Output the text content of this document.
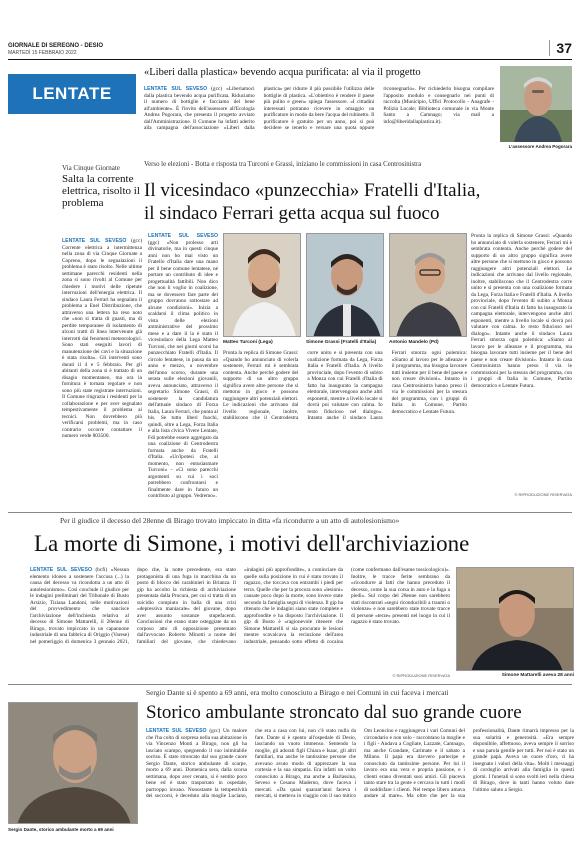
GIORNALE DI SEREGNO - DESIO
MARTEDÌ 15 FEBBRAIO 2022	37
LENTATE
«Liberi dalla plastica» bevendo acqua purificata: al via il progetto
LENTATE SUL SEVESO (gcc) «Liberiamoci dalla plastica bevendo acqua purificata. Riduciamo il numero di bottiglie e facciamo del bene all'ambiente». È l'invito dell'assessore all'Ecologia Andrea Pogorara, che presenta il progetto avviato dall'Amministrazione. Il Comune ha infatti aderito alla campagna dell'associazione «Liberi dalla plastica» per ridurre il più possibile l'utilizzo delle bottiglie di plastica. «L'obiettivo è rendere il paese più pulito e green» spiega l'assessore. «I cittadini interessati potranno ricevere in omaggio un purificatore in modo da bere l'acqua del rubinetto. Il purificatore è gratuito per un anno, poi si può decidere se tenerlo e versare una quota oppure riconsegnarlo». Per richiederlo bisogna compilare l'apposito modulo e consegnarlo nei punti di raccolta (Municipio, Uffici Protocollo - Anagrafe - Polizia Locale; Biblioteca comunale in via Monte Santo a Camnago; via mail a info@liberidallaplastica.it).
L'assessore Andrea Pogorara
Via Cinque Giornate
Salta la corrente elettrica, risolto il problema
LENTATE SUL SEVESO (gcc) Corrente elettrica a intermittenza nella zona di via Cinque Giornate a Copreno, dopo le segnalazioni il problema è stato risolto. Nelle ultime settimane parecchi residenti nella zona si sono rivolti al Comune per chiedere i motivi delle ripetute interruzioni dell'energia elettrica. Il sindaco Laura Ferrari ha segnalato il problema a Enel Distribuzione, che attraverso una lettera ha reso noto che «non si tratta di guasti, ma di perdite temporanee di isolamento di alcuni tratti di linea intervenute già interrotti dai fenomeni meteorologici. Sono stati eseguiti lavori di manutenzione dei cavi e la situazione è stata risolta». Gli interventi sono durati il 4 e 5 febbraio. Per gli abitanti della zona si è trattato di un disagio momentaneo, ma ora la fornitura è tornata regolare e non sono più state registrate interruzioni. Il Comune ringrazia i residenti per la collaborazione e per aver segnalato tempestivamente il problema ai tecnici. Non dovrebbero più verificarsi problemi, ma in caso contrario occorre contattare il numero verde 803500.
Verso le elezioni - Botta e risposta tra Turconi e Grassi, iniziano le commissioni in casa Centrosinistra
Il vicesindaco «punzecchia» Fratelli d'Italia,
il sindaco Ferrari getta acqua sul fuoco
LENTATE SUL SEVESO (ggc) «Non prolesso arti divinatorie, ma in questi cinque anni non ho mai visto un Fratello d'Italia dare una mano per il bene comune lentatese, né portare un contributo di idee e progettualità fattibili. Non dico che non li voglio in coalizione, ma se dovessero fare parte del gruppo dovranno sottostare ad alcune condizioni». Inizia a scaldarsi il clima politico in vista delle elezioni amministrative del prossimo mese e a dare il la è stato il vicesindaco della Lega Matteo Turconi, che nei giorni scorsi ha punzecchiato Fratelli d'Italia. Il circolo lentatese, in pausa da un anno e mezzo, a novembre dell'anno scorso, durante una serata sulle elezioni giovanili, aveva annunciato, attraverso il segretario Simone Grassi, di sostenere la candidatura dell'attuale sindaco di Forza Italia, Laura Ferrari, che punta al bis. Se tutto liberi fuochi, quindi, oltre a Lega, Forza Italia e alla lista civica Vivere Lentate, Fdi potrebbe essere aggregato da una coalizione di Centrodestra formata anche da Fratelli d'Italia. «Un'ipotesi che, al momento, non entusiasmare Turconi» - «Ci sono parecchi argomenti su cui i soci potrebbero confrontarsi e finalmente dare in futuro un contributo al gruppo. Vedremo».
Matteo Turconi (Lega)	Simone Grassi (Fratelli d'Italia)	Antonio Mandelo (Pd)
Pronta la replica di Simone Grassi: «Quando ho annunciato di volerla sostenere, Ferrari mi è sembrata contenta. Anche perché godere del supporto di un altro gruppo significa avere altre persone che si mettono in gioco e possono raggiungere altri potenziali elettori. Le indicazioni che arrivano dal livello regionale, inoltre, stabiliscono che il Centrodestra corre unito e si presenta con una coalizione formata da Lega, Forza Italia e Fratelli d'Italia. A livello provinciale, dopo l'evento di subito a Monza con cui Fratelli d'Italia di fatto ha inaugurato la campagna elettorale, intervengono anche altri esponenti, mentre a livello locale si dovrà poi valutare con calma. Io resto fiducioso nel dialogo». Intanto anche il sindaco Laura Ferrari smorza ogni polemica: «Siamo al lavoro per le alleanze e il programma, ma bisogna lavorare tutti insieme per il bene del paese e non creare divisioni». Intanto in casa Centrosinistra hanno preso il via le commissioni per la stesura del programma, con i gruppi di Italia in Comune, Partito democratico e Lentate Futura.
Pronta la replica di Simone Grassi: «Quando ho annunciato di volerla sostenere, Ferrari mi è sembrata contenta. Anche perché godere del supporto di un altro gruppo significa avere altre persone che si mettono in gioco e possono raggiungere altri potenziali elettori. Le indicazioni che arrivano dal livello regionale, inoltre, stabiliscono che il Centrodestra corre unito e si presenta con una coalizione formata da Lega, Forza Italia e Fratelli d'Italia. A livello provinciale, dopo l'evento di subito a Monza con cui Fratelli d'Italia di fatto ha inaugurato la campagna elettorale, intervengono anche altri esponenti, mentre a livello locale si dovrà poi valutare con calma. Io resto fiducioso nel dialogo». Intanto anche il sindaco Laura Ferrari smorza ogni polemica: «Siamo al lavoro per le alleanze e il programma, ma bisogna lavorare tutti insieme per il bene del paese e non creare divisioni». Intanto in casa Centrosinistra hanno preso il via le commissioni per la stesura del programma, con i gruppi di Italia in Comune, Partito democratico e Lentate Futura.
© RIPRODUZIONE RISERVATA
Per il giudice il decesso del 28enne di Birago trovato impiccato in ditta «fa ricondurre a un atto di autolesionismo»
La morte di Simone, i motivi dell'archiviazione
LENTATE SUL SEVESO (bcfi) «Nessun elemento idoneo a sostenere l'accusa (...) la causa del decesso va ricondotta a un atto di autolesionismo». Così conclude il giudice per le indagini preliminari del Tribunale di Busto Arsizio, Tiziana Landoni, nelle motivazioni del provvedimento che sancisce l'archiviazione dell'inchiesta relativa al decesso di Simone Mattarelli, il 28enne di Birago, trovato impiccato in un capannone industriale di una fabbrica di Origgio (Varese) nel pomeriggio di domenica 3 gennaio 2021, dopo che, la notte precedente, era stato protagonista di una fuga in macchina da un posto di blocco dei carabinieri in Brianza. Il gip ha accolto la richiesta di archiviazione presentata dalla Procura, per cui si tratta di un suicidio compiuto in balìa di una crisi «depressiva maniacale» del giovane, dopo aver assunto sostanze stupefacenti. Conclusioni che erano state osteggiate da un corposo atto di opposizione presentato dall'avvocato Roberto Minotti a nome dei familiari del giovane, che chiedevano «indagini più approfondite», a cominciare da quelle sulla posizione in cui è stato trovato il ragazzo, che toccava con entrambi i piedi per terra. Quelle che per la procura sono «lesioni» causate poco dopo la morte, sono invece state secondo la famiglia segni di violenza. Il gip ha ritenuto che le indagini siano state complete e approfondite e ha disposto l'archiviazione. Il gip di Busto è «ragionevole ritenere che Simone Mattarelli si sia procurato le lesioni mentre scavalcava la recinzione dell'area industriale, pensando sotto effetto di cocaina (come confermano dall'esame tossicologico)». Inoltre, le tracce ferite sembrano da «ricondurre ai fatti che hanno preceduto il decesso, come la sua corsa in auto e la fuga a piedi». Sul corpo del 28enne non sarebbero stati riscontrati «segni riconducibili a traumi o violenze» e non sarebbero state trovate tracce di persone «terze» presenti nel luogo in cui il ragazzo è stato trovato.
© RIPRODUZIONE RISERVATA	Simone Mattarelli aveva 28 anni
Sergio Dante si è spento a 69 anni, era molto conosciuto a Birago e nei Comuni in cui faceva i mercati
Storico ambulante stroncato dal suo grande cuore
Sergio Dante, storico ambulante morto a 69 anni
LENTATE SUL SEVESO (gcc) Un malore che l'ha colto di sorpresa nella sua abitazione in via Vincenzo Monti a Birago, non gli ha lasciato scampo, spegnendo il suo inimitabile sorriso. È stato stroncato dal suo grande cuore Sergio Dante, storico ambulante di scarpe, morto a 69 anni. Domenica sera, dalla scorsa settimana, dopo aver cenato, si è sentito poco bene ed è stato trasportato in ospedale, purtroppo invano. Nonostante la tempestività dei soccorsi, è deceduto alla moglie Luciano, che era a casa con lui, non c'è stato nulla da fare. Dante si è spento all'ospedale di Desio, lasciando un vuoto immenso. Sentendo la moglie, gli adorati figli Chiara e Isaac, gli altri familiari, ma anche le tantissime persone che avevano avuto modo di apprezzare la sua cortesia e la sua simpatia. Era infatti un volto conosciuto a Birago, ma anche a Barlassina, Seveso e Cesano Maderno, dove faceva i mercati. «Da quasi quarant'anni faceva i mercati, si metteva in viaggio con il suo mitico Om Leoncino e raggiungeva i vari Comuni del circondario e non solo - raccontano la moglie e i figli - Andava a Cogliate, Lazzate, Camnago, ma anche Grandate, Carimate e il sabato a Milano. Il papà era davvero partecipe e conosciuto da tantissime persone. Per lui il lavoro era una vera e propria passione, e i clienti erano diventati suoi amici. Gli piaceva tanto stare tra la gente e cercava in tutti i modi di soddisfare i clienti. Nel tempo libero amava andare al mare». Ma oltre che per la sua professionalità, Dante rimarrà impresso per la sua solarità e generosità. «Era sempre disponibile, affettuoso, aveva sempre il sorriso e una parola gentile per tutti. Per noi è stato un grande papà. Aveva un cuore d'oro, ci ha insegnato i valori della vita». Molti i messaggi di cordoglio arrivati alla famiglia in questi giorni. I funerali si sono svolti ieri nella chiesa di Birago, dove in tanti hanno voluto dare l'ultimo saluto a Sergio.
